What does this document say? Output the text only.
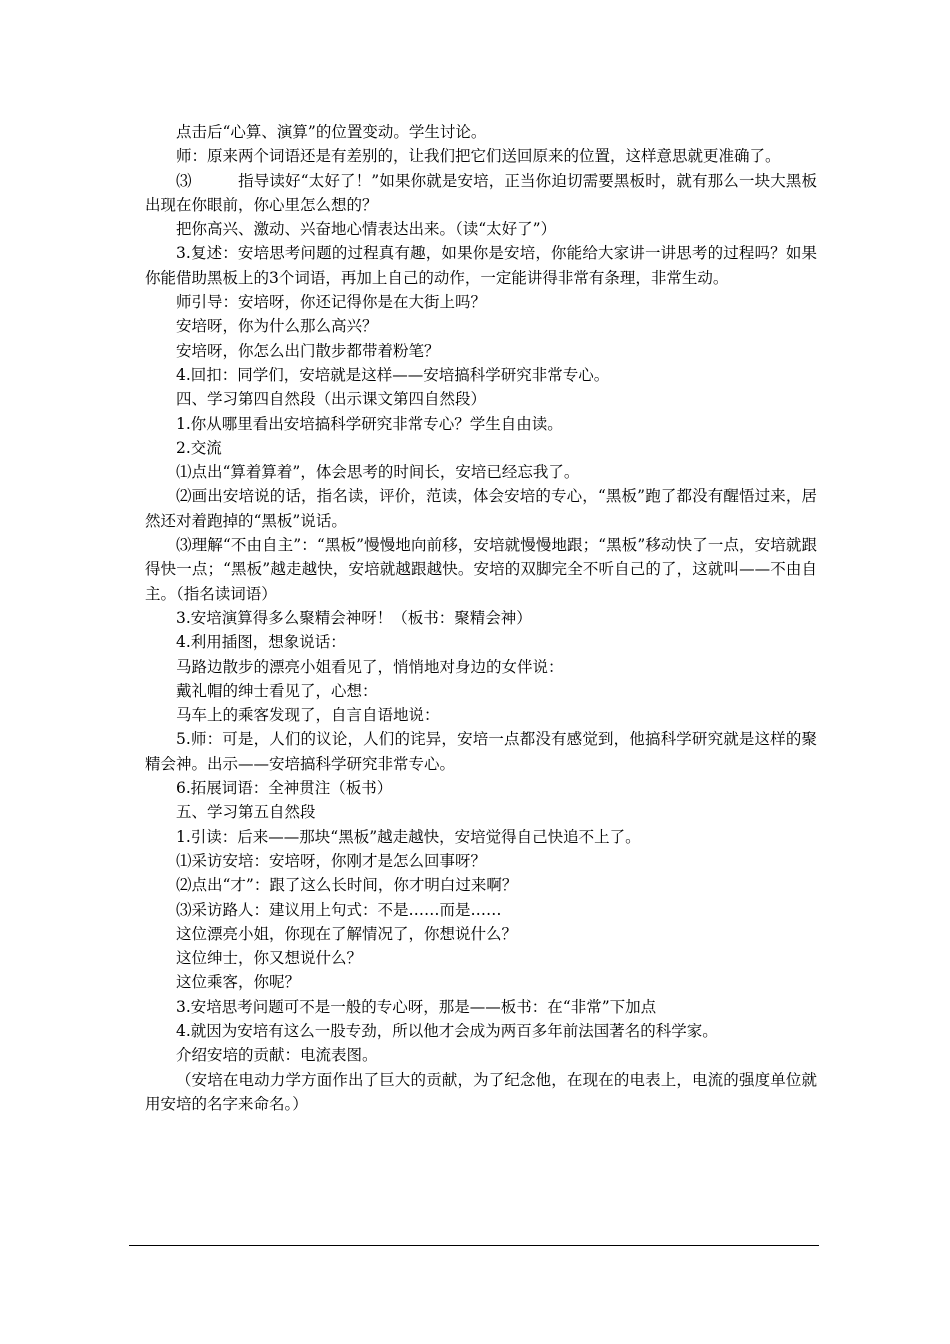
点击后“心算、演算”的位置变动。学生讨论。

师：原来两个词语还是有差别的，让我们把它们送回原来的位置，这样意思就更准确了。

⑶	指导读好“太好了！”如果你就是安培，正当你迫切需要黑板时，就有那么一块大黑板出现在你眼前，你心里怎么想的？

把你高兴、激动、兴奋地心情表达出来。（读“太好了”）

3.复述：安培思考问题的过程真有趣，如果你是安培，你能给大家讲一讲思考的过程吗？如果你能借助黑板上的3个词语，再加上自己的动作，一定能讲得非常有条理，非常生动。

师引导：安培呀，你还记得你是在大街上吗？

安培呀，你为什么那么高兴？

安培呀，你怎么出门散步都带着粉笔？

4.回扣：同学们，安培就是这样——安培搞科学研究非常专心。

四、学习第四自然段（出示课文第四自然段）

1.你从哪里看出安培搞科学研究非常专心？学生自由读。

2.交流

⑴点出“算着算着”，体会思考的时间长，安培已经忘我了。

⑵画出安培说的话，指名读，评价，范读，体会安培的专心，“黑板”跑了都没有醒悟过来，居然还对着跑掉的“黑板”说话。

⑶理解“不由自主”：“黑板”慢慢地向前移，安培就慢慢地跟；“黑板”移动快了一点，安培就跟得快一点；“黑板”越走越快，安培就越跟越快。安培的双脚完全不听自己的了，这就叫——不由自主。（指名读词语）

3.安培演算得多么聚精会神呀！（板书：聚精会神）

4.利用插图，想象说话：

马路边散步的漂亮小姐看见了，悄悄地对身边的女伴说：

戴礼帽的绅士看见了，心想：

马车上的乘客发现了，自言自语地说：

5.师：可是，人们的议论，人们的诧异，安培一点都没有感觉到，他搞科学研究就是这样的聚精会神。出示——安培搞科学研究非常专心。

6.拓展词语：全神贯注（板书）

五、学习第五自然段

1.引读：后来——那块“黑板”越走越快，安培觉得自己快追不上了。

⑴采访安培：安培呀，你刚才是怎么回事呀？

⑵点出“才”：跟了这么长时间，你才明白过来啊？

⑶采访路人：建议用上句式：不是……而是……

这位漂亮小姐，你现在了解情况了，你想说什么？

这位绅士，你又想说什么？

这位乘客，你呢？

3.安培思考问题可不是一般的专心呀，那是——板书：在“非常”下加点

4.就因为安培有这么一股专劲，所以他才会成为两百多年前法国著名的科学家。

介绍安培的贡献：电流表图。

（安培在电动力学方面作出了巨大的贡献，为了纪念他，在现在的电表上，电流的强度单位就用安培的名字来命名。）
